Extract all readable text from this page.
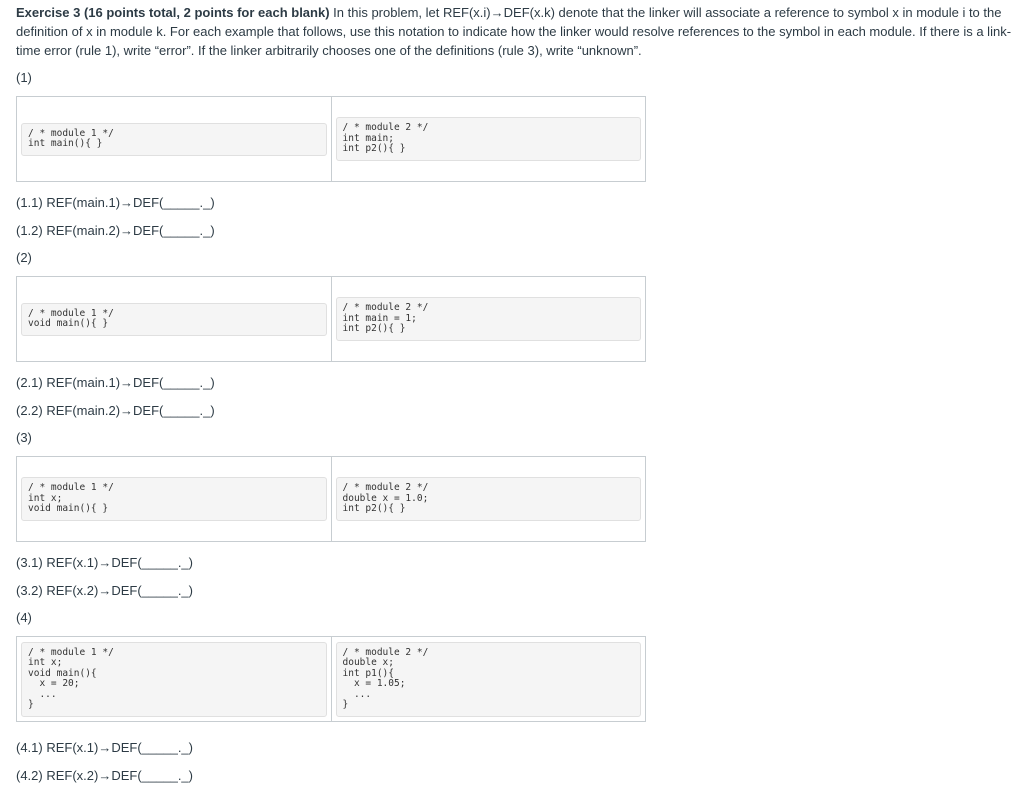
Exercise 3 (16 points total, 2 points for each blank) In this problem, let REF(x.i)→DEF(x.k) denote that the linker will associate a reference to symbol x in module i to the definition of x in module k. For each example that follows, use this notation to indicate how the linker would resolve references to the symbol in each module. If there is a link-time error (rule 1), write “error”. If the linker arbitrarily chooses one of the definitions (rule 3), write “unknown”.
(1)
/ * module 1 */
int main(){ }

/ * module 2 */
int main;
int p2(){ }
(1.1) REF(main.1)→DEF(_____._)
(1.2) REF(main.2)→DEF(_____._)
(2)
/ * module 1 */
void main(){ }

/ * module 2 */
int main = 1;
int p2(){ }
(2.1) REF(main.1)→DEF(_____._)
(2.2) REF(main.2)→DEF(_____._)
(3)
/ * module 1 */
int x;
void main(){ }

/ * module 2 */
double x = 1.0;
int p2(){ }
(3.1) REF(x.1)→DEF(_____._)
(3.2) REF(x.2)→DEF(_____._)
(4)
/ * module 1 */
int x;
void main(){
x = 20;
...
}

/ * module 2 */
double x;
int p1(){
x = 1.05;
...
}
(4.1) REF(x.1)→DEF(_____._)
(4.2) REF(x.2)→DEF(_____._)
